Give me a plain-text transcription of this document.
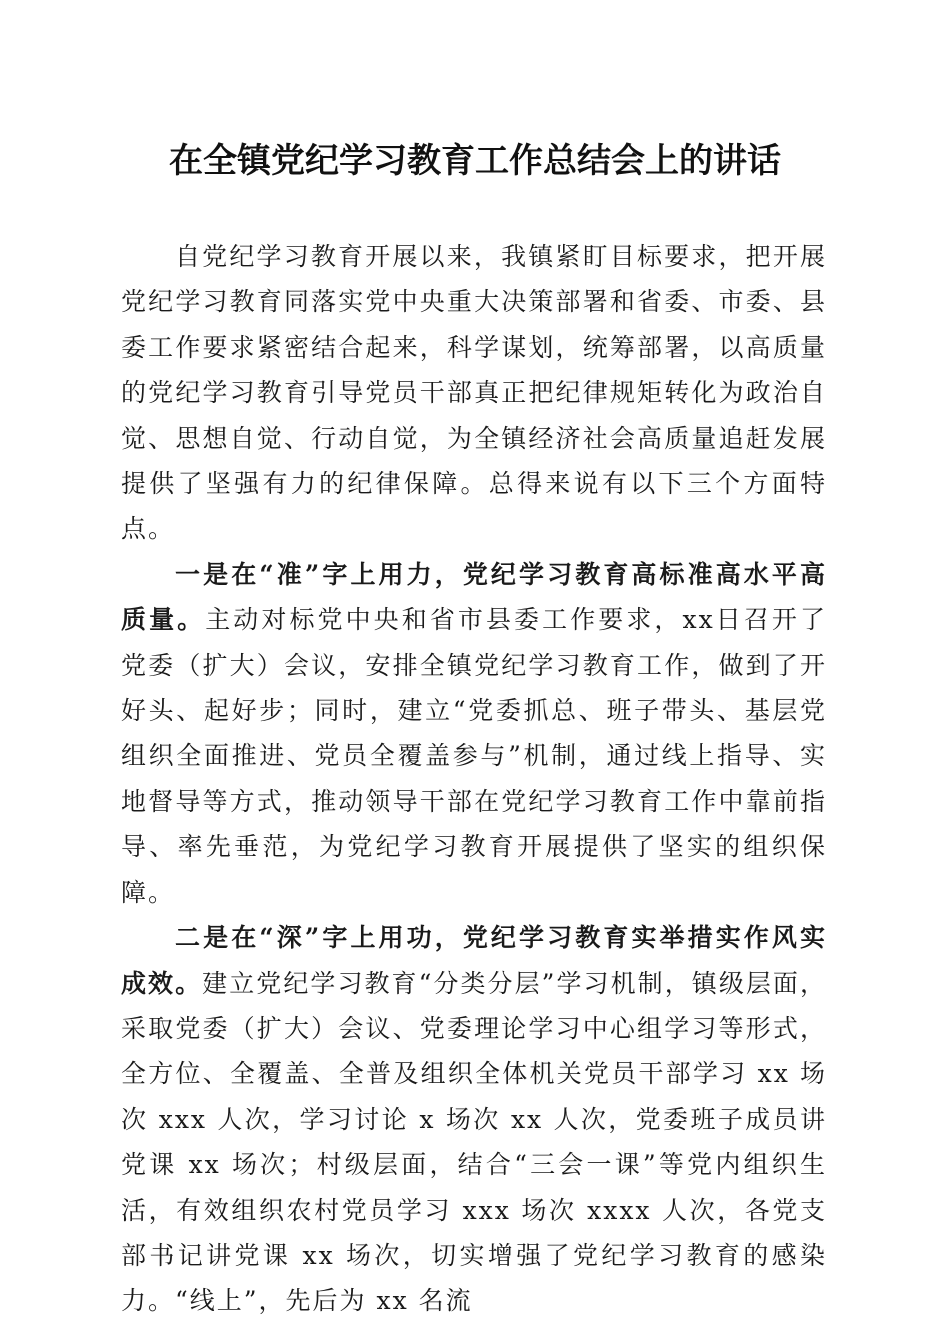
在全镇党纪学习教育工作总结会上的讲话

自党纪学习教育开展以来，我镇紧盯目标要求，把开展党纪学习教育同落实党中央重大决策部署和省委、市委、县委工作要求紧密结合起来，科学谋划，统筹部署，以高质量的党纪学习教育引导党员干部真正把纪律规矩转化为政治自觉、思想自觉、行动自觉，为全镇经济社会高质量追赶发展提供了坚强有力的纪律保障。总得来说有以下三个方面特点。

一是在“准”字上用力，党纪学习教育高标准高水平高质量。主动对标党中央和省市县委工作要求，xx日召开了党委（扩大）会议，安排全镇党纪学习教育工作，做到了开好头、起好步；同时，建立“党委抓总、班子带头、基层党组织全面推进、党员全覆盖参与”机制，通过线上指导、实地督导等方式，推动领导干部在党纪学习教育工作中靠前指导、率先垂范，为党纪学习教育开展提供了坚实的组织保障。

二是在“深”字上用功，党纪学习教育实举措实作风实成效。建立党纪学习教育“分类分层”学习机制，镇级层面，采取党委（扩大）会议、党委理论学习中心组学习等形式，全方位、全覆盖、全普及组织全体机关党员干部学习 xx 场次 xxx 人次，学习讨论 x 场次 xx 人次，党委班子成员讲党课 xx 场次；村级层面，结合“三会一课”等党内组织生活，有效组织农村党员学习 xxx 场次 xxxx 人次，各党支部书记讲党课 xx 场次，切实增强了党纪学习教育的感染力。“线上”，先后为 xx 名流
